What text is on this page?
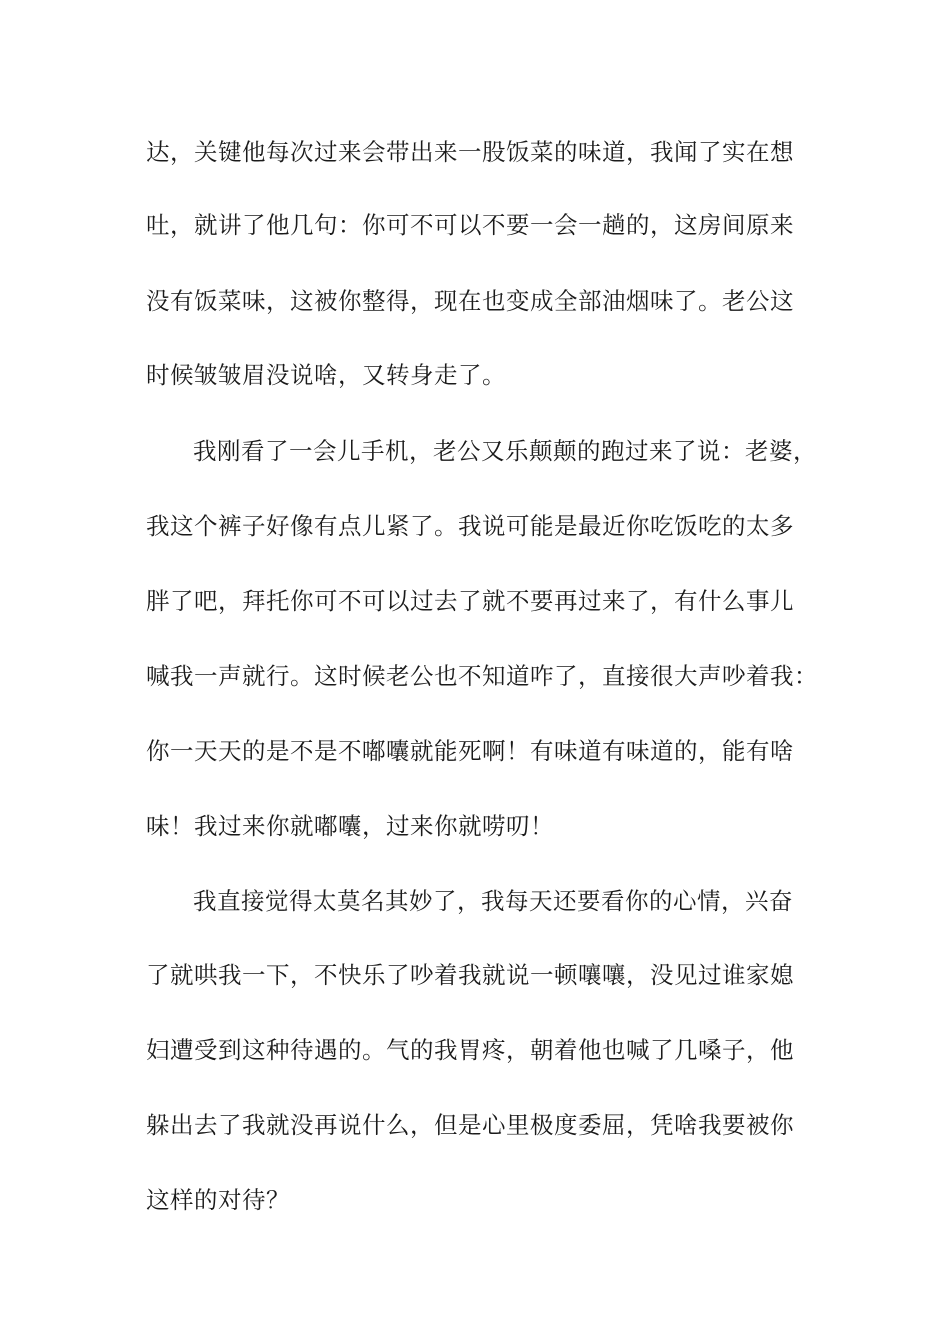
达，关键他每次过来会带出来一股饭菜的味道，我闻了实在想
吐，就讲了他几句：你可不可以不要一会一趟的，这房间原来
没有饭菜味，这被你整得，现在也变成全部油烟味了。老公这
时候皱皱眉没说啥，又转身走了。
我刚看了一会儿手机，老公又乐颠颠的跑过来了说：老婆，
我这个裤子好像有点儿紧了。我说可能是最近你吃饭吃的太多
胖了吧，拜托你可不可以过去了就不要再过来了，有什么事儿
喊我一声就行。这时候老公也不知道咋了，直接很大声吵着我：
你一天天的是不是不嘟囔就能死啊！有味道有味道的，能有啥
味！我过来你就嘟囔，过来你就唠叨！
我直接觉得太莫名其妙了，我每天还要看你的心情，兴奋
了就哄我一下，不快乐了吵着我就说一顿嚷嚷，没见过谁家媳
妇遭受到这种待遇的。气的我胃疼，朝着他也喊了几嗓子，他
躲出去了我就没再说什么，但是心里极度委屈，凭啥我要被你
这样的对待？
